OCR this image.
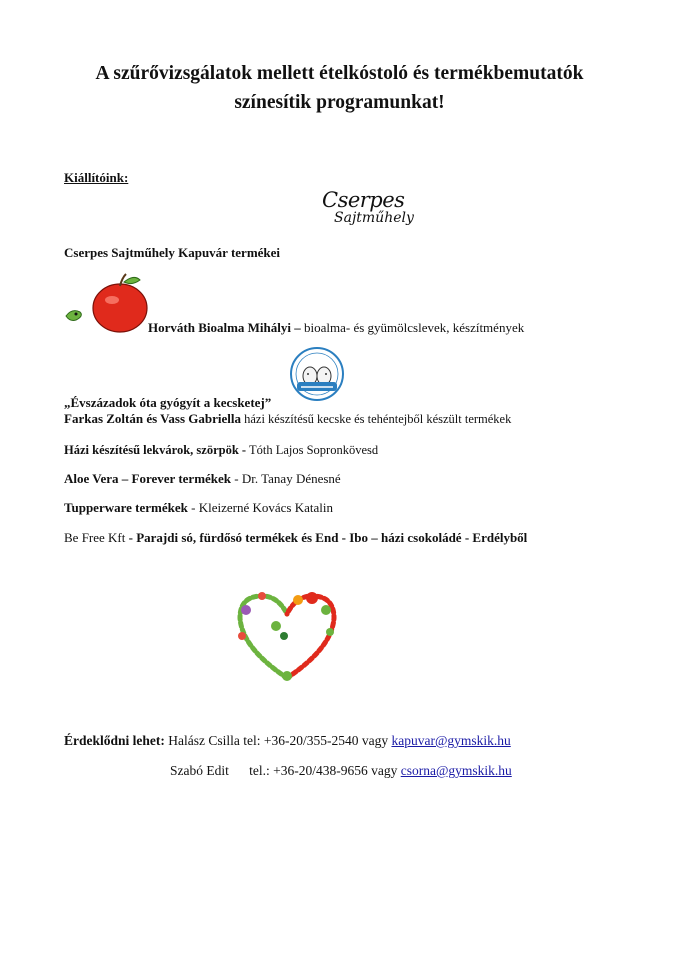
A szűrővizsgálatok mellett ételkóstoló és termékbemutatók
színesítik programunkat!
Kiállítóink:
Cserpes
Sajtműhely
Cserpes Sajtműhely Kapuvár termékei
Horváth Bioalma Mihályi – bioalma- és gyümölcslevek, készítmények
„Évszázadok óta gyógyít a kecsketej”
Farkas Zoltán és Vass Gabriella házi készítésű kecske és tehéntejből készült termékek
Házi készítésű lekvárok, szörpök - Tóth Lajos Sopronkövesd
Aloe Vera – Forever termékek - Dr. Tanay Dénesné
Tupperware termékek - Kleizerné Kovács Katalin
Be Free Kft - Parajdi só, fürdősó termékek és End - Ibo – házi csokoládé - Erdélyből
Érdeklődni lehet: Halász Csilla tel: +36-20/355-2540 vagy kapuvar@gymskik.hu
Szabó Edit      tel.: +36-20/438-9656 vagy csorna@gymskik.hu
